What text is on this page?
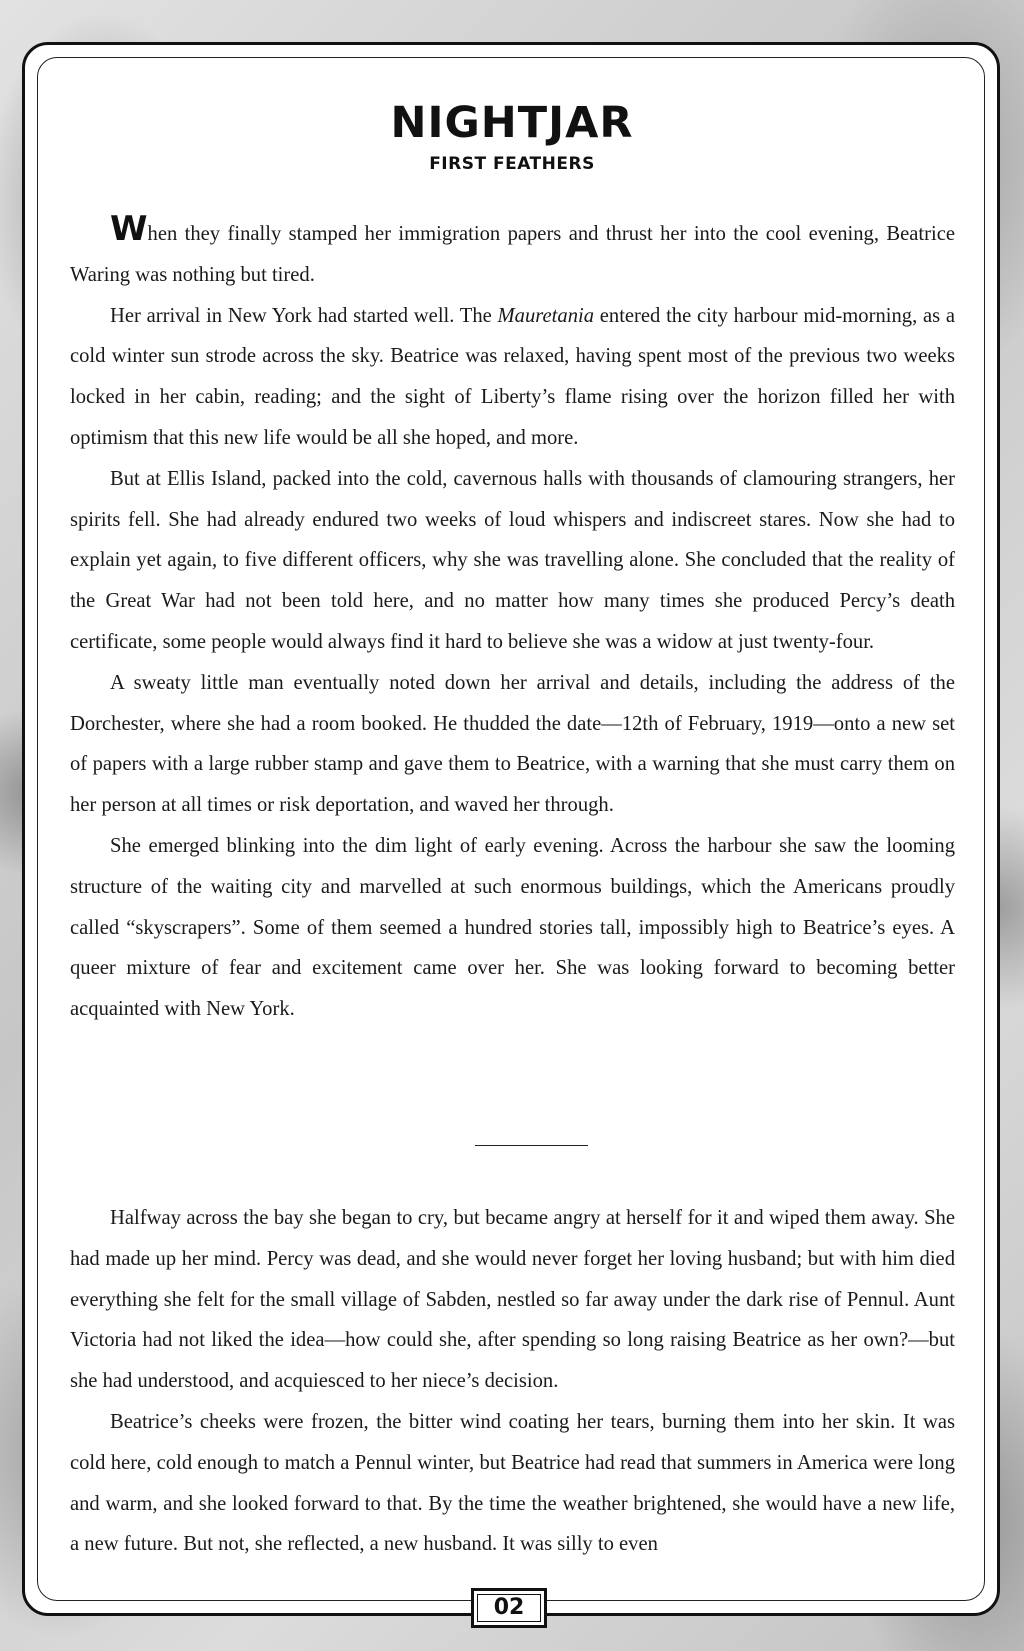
NIGHTJAR
FIRST FEATHERS

When they finally stamped her immigration papers and thrust her into the cool evening, Beatrice Waring was nothing but tired.

Her arrival in New York had started well. The Mauretania entered the city harbour mid-morning, as a cold winter sun strode across the sky. Beatrice was relaxed, having spent most of the previous two weeks locked in her cabin, reading; and the sight of Liberty’s flame rising over the horizon filled her with optimism that this new life would be all she hoped, and more.

But at Ellis Island, packed into the cold, cavernous halls with thousands of clamouring strangers, her spirits fell. She had already endured two weeks of loud whispers and indiscreet stares. Now she had to explain yet again, to five different officers, why she was travelling alone. She concluded that the reality of the Great War had not been told here, and no matter how many times she produced Percy’s death certificate, some people would always find it hard to believe she was a widow at just twenty-four.

A sweaty little man eventually noted down her arrival and details, including the address of the Dorchester, where she had a room booked. He thudded the date—12th of February, 1919—onto a new set of papers with a large rubber stamp and gave them to Beatrice, with a warning that she must carry them on her person at all times or risk deportation, and waved her through.

She emerged blinking into the dim light of early evening. Across the harbour she saw the looming structure of the waiting city and marvelled at such enormous buildings, which the Americans proudly called “skyscrapers”. Some of them seemed a hundred stories tall, impossibly high to Beatrice’s eyes. A queer mixture of fear and excitement came over her. She was looking forward to becoming better acquainted with New York.

Halfway across the bay she began to cry, but became angry at herself for it and wiped them away. She had made up her mind. Percy was dead, and she would never forget her loving husband; but with him died everything she felt for the small village of Sabden, nestled so far away under the dark rise of Pennul. Aunt Victoria had not liked the idea—how could she, after spending so long raising Beatrice as her own?—but she had understood, and acquiesced to her niece’s decision.

Beatrice’s cheeks were frozen, the bitter wind coating her tears, burning them into her skin. It was cold here, cold enough to match a Pennul winter, but Beatrice had read that summers in America were long and warm, and she looked forward to that. By the time the weather brightened, she would have a new life, a new future. But not, she reflected, a new husband. It was silly to even

02
